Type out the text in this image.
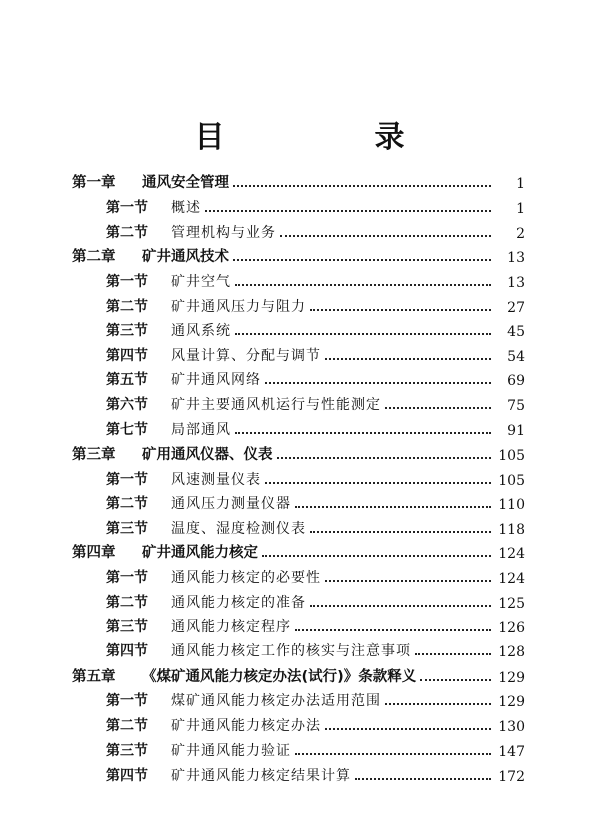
目　录
第一章	通风安全管理	1
第一节	概述	1
第二节	管理机构与业务	2
第二章	矿井通风技术	13
第一节	矿井空气	13
第二节	矿井通风压力与阻力	27
第三节	通风系统	45
第四节	风量计算、分配与调节	54
第五节	矿井通风网络	69
第六节	矿井主要通风机运行与性能测定	75
第七节	局部通风	91
第三章	矿用通风仪器、仪表	105
第一节	风速测量仪表	105
第二节	通风压力测量仪器	110
第三节	温度、湿度检测仪表	118
第四章	矿井通风能力核定	124
第一节	通风能力核定的必要性	124
第二节	通风能力核定的准备	125
第三节	通风能力核定程序	126
第四节	通风能力核定工作的核实与注意事项	128
第五章	《煤矿通风能力核定办法(试行)》条款释义	129
第一节	煤矿通风能力核定办法适用范围	129
第二节	矿井通风能力核定办法	130
第三节	矿井通风能力验证	147
第四节	矿井通风能力核定结果计算	172
